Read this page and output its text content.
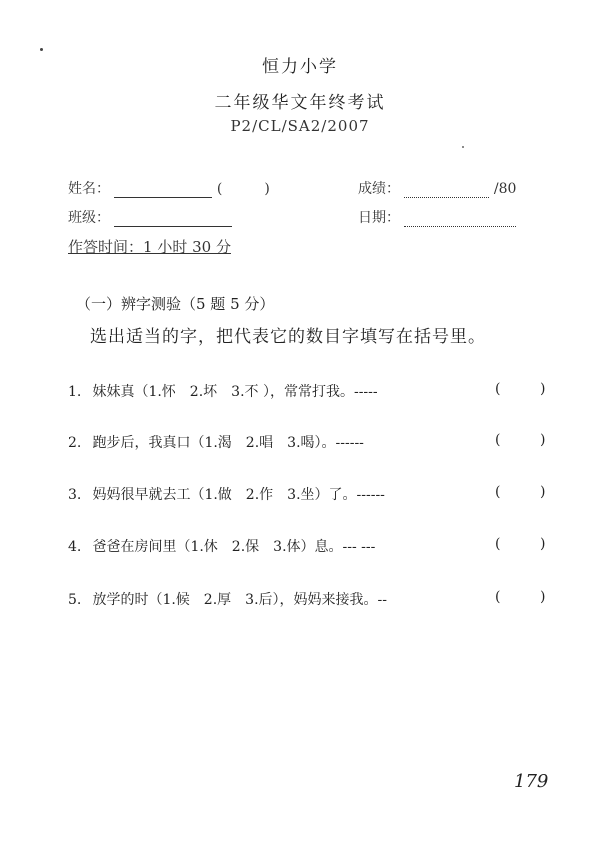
恒力小学
二年级华文年终考试
P2/CL/SA2/2007
姓名：	(　　　)	成绩：	/80
班级：	日期：
作答时间：1 小时 30 分
（一）辨字测验（5 题 5 分）
选出适当的字，把代表它的数目字填写在括号里。
1. 妹妹真（1.怀　2.坏　3.不 ），常常打我。-----	(	)
2. 跑步后，我真口（1.渴　2.唱　3.喝）。------	(	)
3. 妈妈很早就去工（1.做　2.作　3.坐）了。------	(	)
4. 爸爸在房间里（1.休　2.保　3.体）息。--- ---	(	)
5. 放学的时（1.候　2.厚　3.后），妈妈来接我。--	(	)
179
